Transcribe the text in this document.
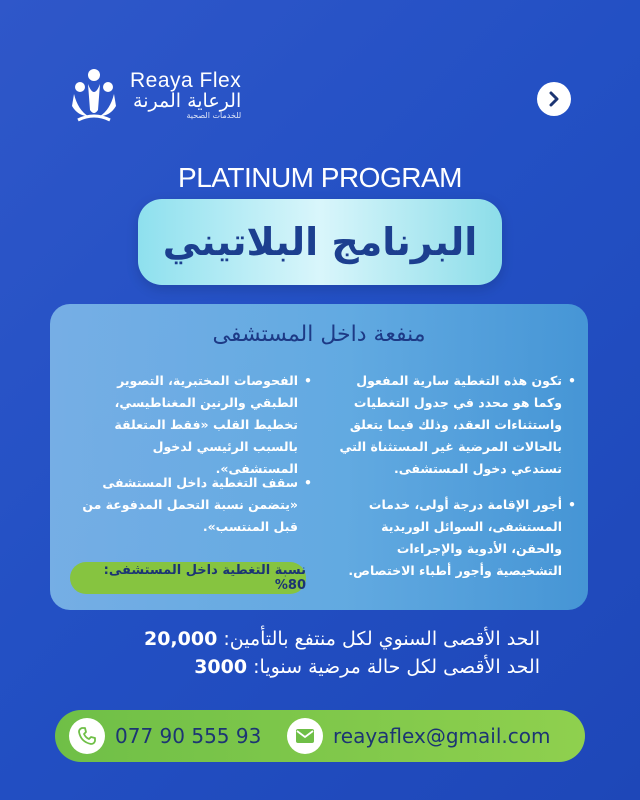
Reaya Flex
الرعاية المرنة
للخدمات الصحية
PLATINUM PROGRAM
البرنامج البلاتيني
منفعة داخل المستشفى
• تكون هذه التغطية سارية المفعول وكما هو محدد في جدول التغطيات واستثناءات العقد، وذلك فيما يتعلق بالحالات المرضية غير المستثناة التي تستدعي دخول المستشفى.
• أجور الإقامة درجة أولى، خدمات المستشفى، السوائل الوريدية والحقن، الأدوية والإجراءات التشخيصية وأجور أطباء الاختصاص.
• الفحوصات المختبرية، التصوير الطبقي والرنين المغناطيسي، تخطيط القلب «فقط المتعلقة بالسبب الرئيسي لدخول المستشفى».
• سقف التغطية داخل المستشفى «يتضمن نسبة التحمل المدفوعة من قبل المنتسب».
نسبة التغطية داخل المستشفى: 80%
الحد الأقصى السنوي لكل منتفع بالتأمين: 20,000
الحد الأقصى لكل حالة مرضية سنويا: 3000
077 90 555 93	reayaflex@gmail.com
